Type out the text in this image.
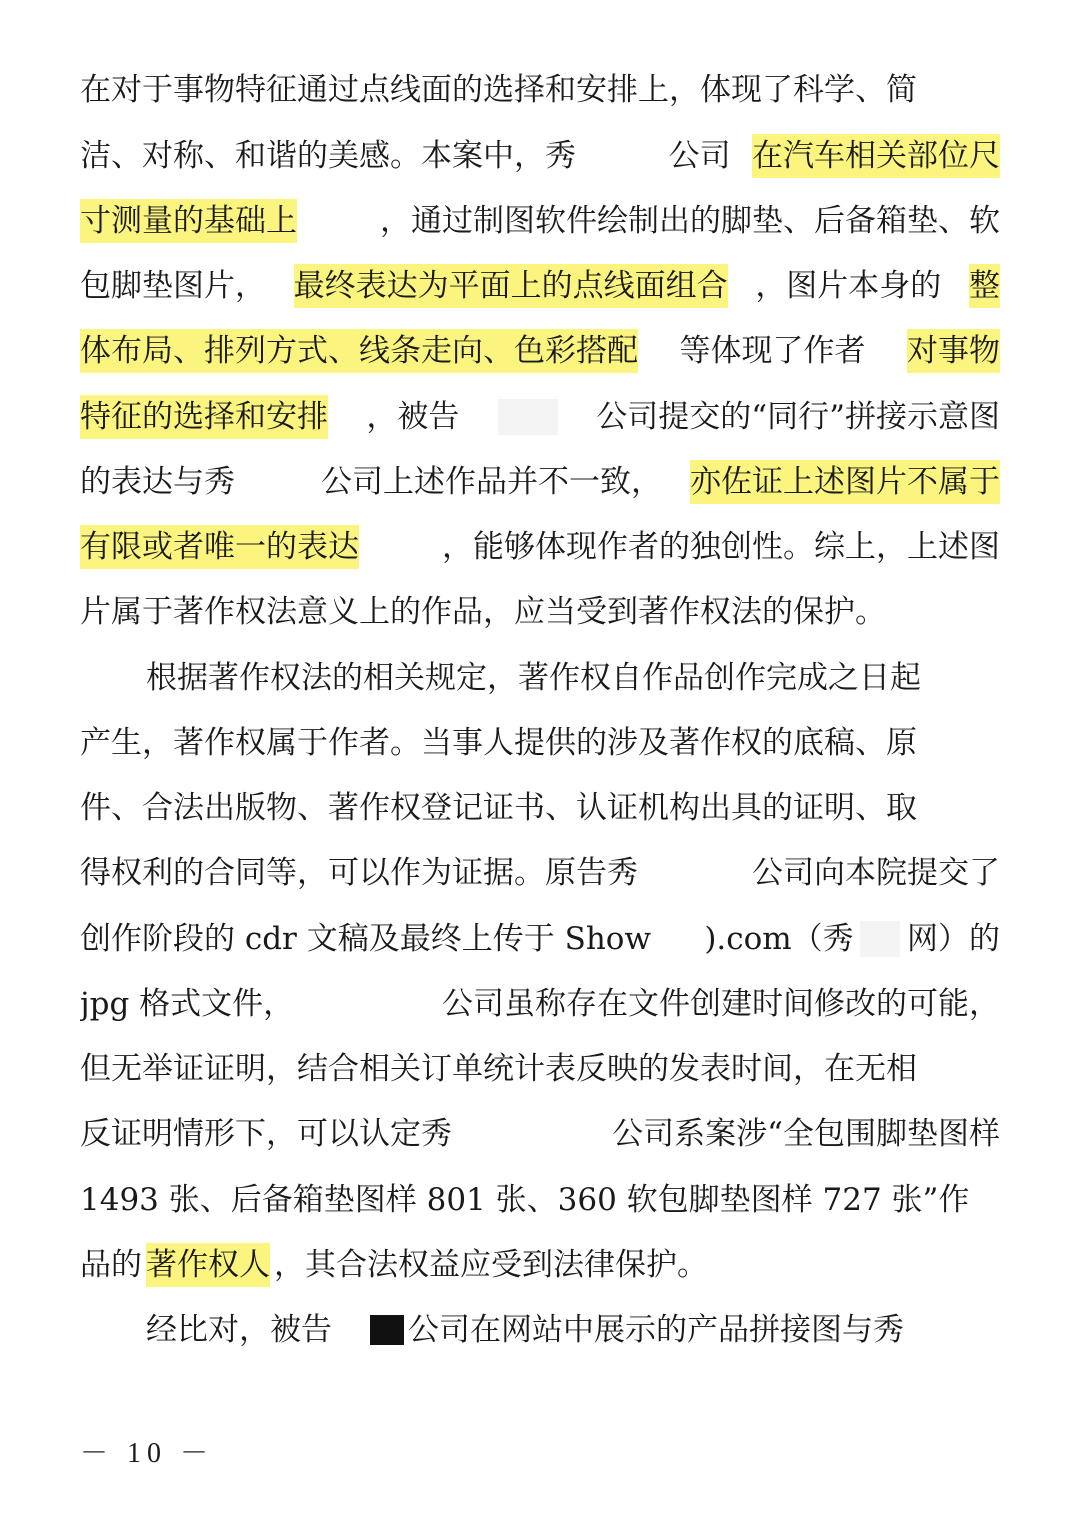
在对于事物特征通过点线面的选择和安排上，体现了科学、简
洁、对称、和谐的美感。本案中，秀	公司 在汽车相关部位尺
寸测量的基础上	，通过制图软件绘制出的脚垫、后备箱垫、软
包脚垫图片， 最终表达为平面上的点线面组合 ，图片本身的 整
体布局、排列方式、线条走向、色彩搭配 等体现了作者 对事物
特征的选择和安排 ，被告	公司提交的“同行”拼接示意图
的表达与秀	公司上述作品并不一致， 亦佐证上述图片不属于
有限或者唯一的表达	，能够体现作者的独创性。综上，上述图
片属于著作权法意义上的作品，应当受到著作权法的保护。
根据著作权法的相关规定，著作权自作品创作完成之日起
产生，著作权属于作者。当事人提供的涉及著作权的底稿、原
件、合法出版物、著作权登记证书、认证机构出具的证明、取
得权利的合同等，可以作为证据。原告秀	公司向本院提交了
创作阶段的 cdr 文稿及最终上传于 Show ).com（秀 网）的
jpg 格式文件，	公司虽称存在文件创建时间修改的可能，
但无举证证明，结合相关订单统计表反映的发表时间，在无相
反证明情形下，可以认定秀	公司系案涉“全包围脚垫图样
1493 张、后备箱垫图样 801 张、360 软包脚垫图样 727 张”作
品的 著作权人 ，其合法权益应受到法律保护。
经比对，被告 公司在网站中展示的产品拼接图与秀
－ 10 －
